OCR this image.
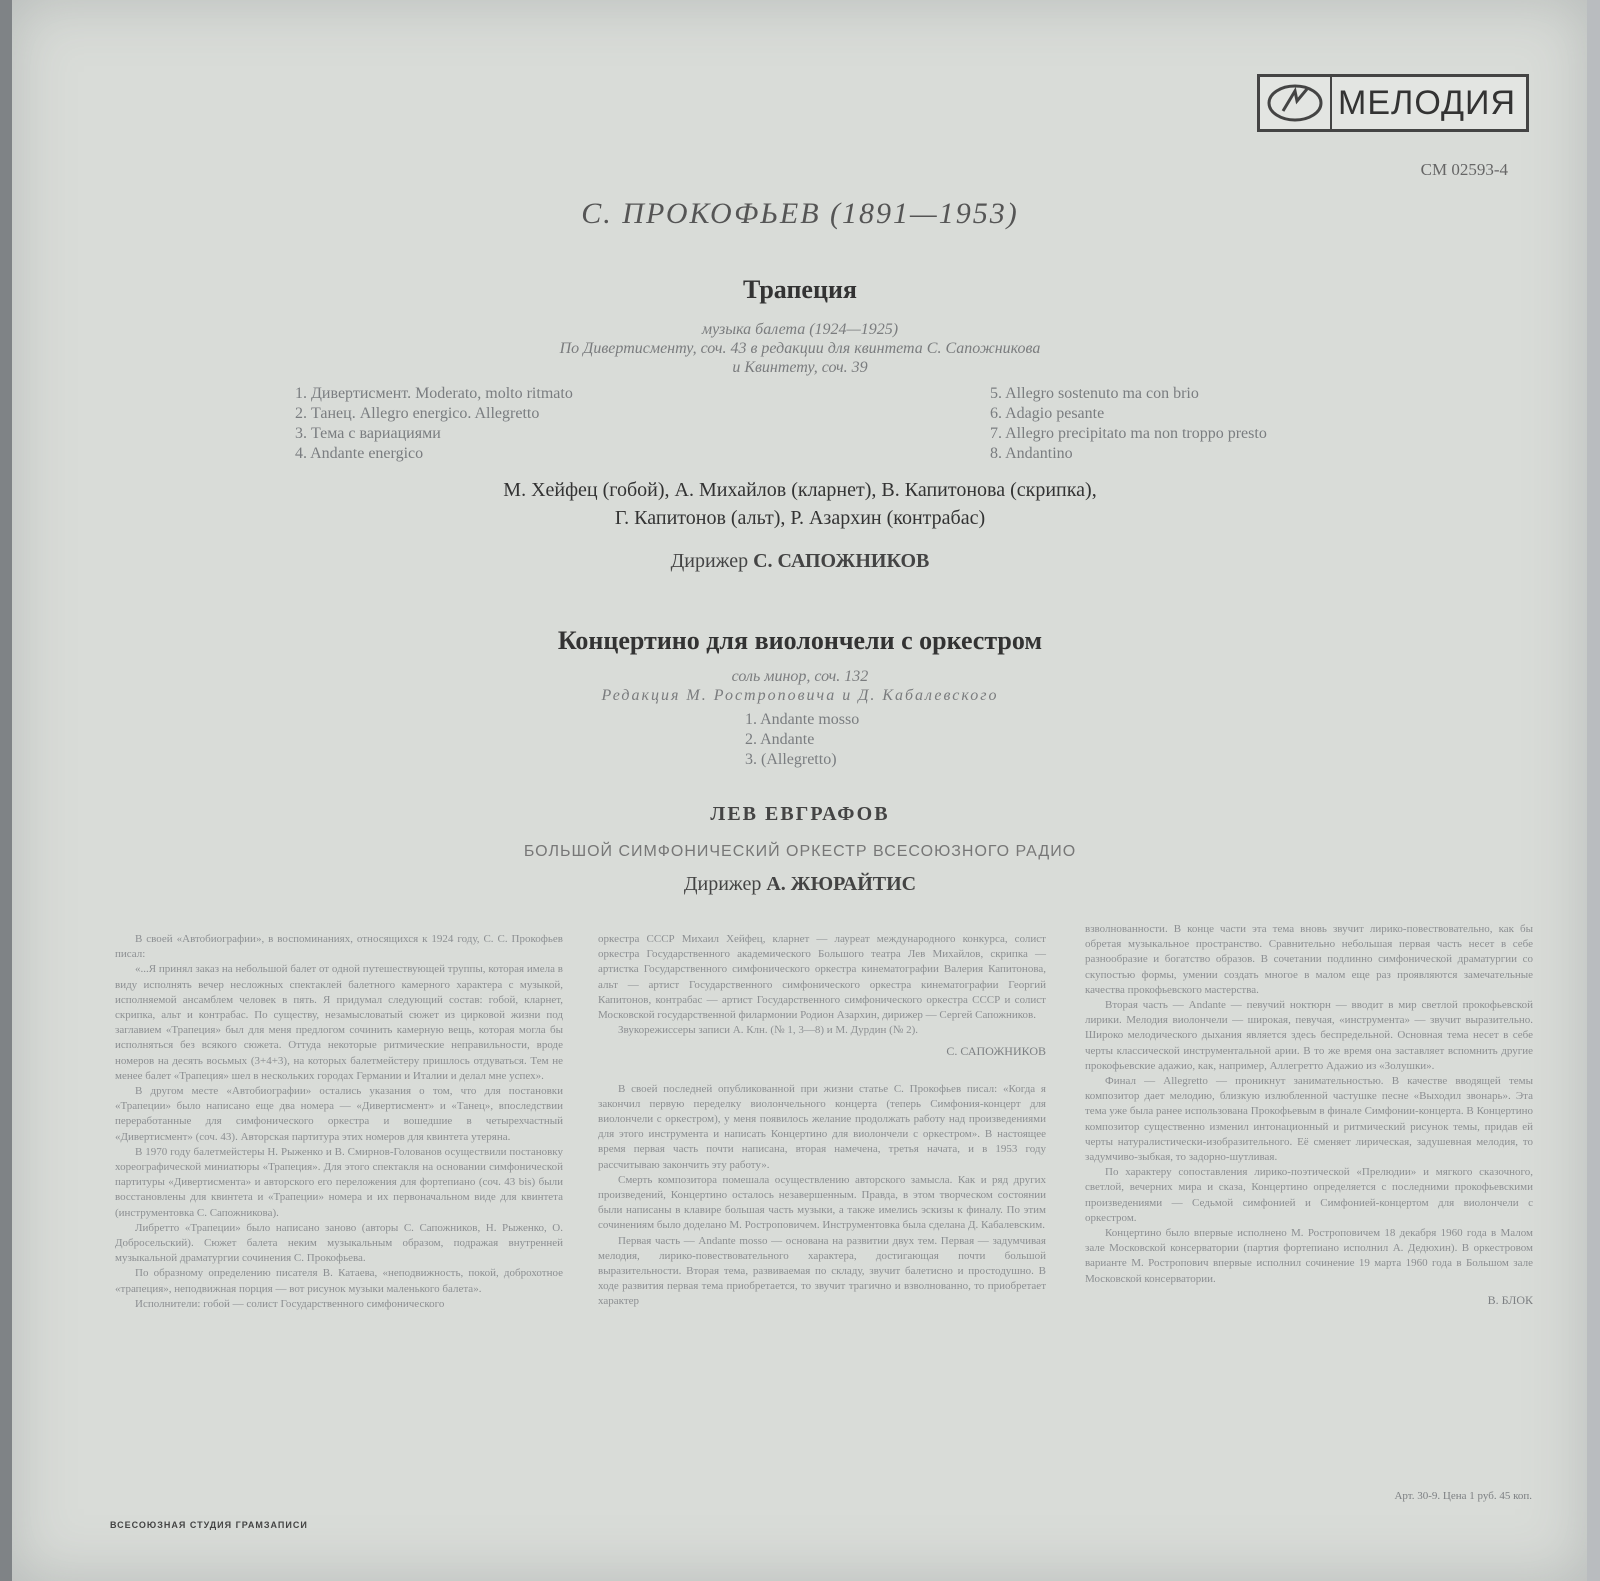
МЕЛОДИЯ
СМ 02593-4
С. ПРОКОФЬЕВ (1891—1953)
Трапеция
музыка балета (1924—1925)
По Дивертисменту, соч. 43 в редакции для квинтета С. Сапожникова
и Квинтету, соч. 39
1. Дивертисмент. Moderato, molto ritmato
2. Танец. Allegro energico. Allegretto
3. Тема с вариациями
4. Andante energico
5. Allegro sostenuto ma con brio
6. Adagio pesante
7. Allegro precipitato ma non troppo presto
8. Andantino
М. Хейфец (гобой), А. Михайлов (кларнет), В. Капитонова (скрипка),
Г. Капитонов (альт), Р. Азархин (контрабас)
Дирижер С. САПОЖНИКОВ
Концертино для виолончели с оркестром
соль минор, соч. 132
Редакция М. Ростроповича и Д. Кабалевского
1. Andante mosso
2. Andante
3. (Allegretto)
ЛЕВ ЕВГРАФОВ
БОЛЬШОЙ СИМФОНИЧЕСКИЙ ОРКЕСТР ВСЕСОЮЗНОГО РАДИО
Дирижер А. ЖЮРАЙТИС

В своей «Автобиографии», в воспоминаниях, относящихся к 1924 году, С. С. Прокофьев писал:

«...Я принял заказ на небольшой балет от одной путешествующей труппы, которая имела в виду исполнять вечер несложных спектаклей балетного камерного характера с музыкой, исполняемой ансамблем человек в пять. Я придумал следующий состав: гобой, кларнет, скрипка, альт и контрабас. По существу, незамысловатый сюжет из цирковой жизни под заглавием «Трапеция» был для меня предлогом сочинить камерную вещь, которая могла бы исполняться без всякого сюжета. Оттуда некоторые ритмические неправильности, вроде номеров на десять восьмых (3+4+3), на которых балетмейстеру пришлось отдуваться. Тем не менее балет «Трапеция» шел в нескольких городах Германии и Италии и делал мне успех».

В другом месте «Автобиографии» остались указания о том, что для постановки «Трапеции» было написано еще два номера — «Дивертисмент» и «Танец», впоследствии переработанные для симфонического оркестра и вошедшие в четырехчастный «Дивертисмент» (соч. 43). Авторская партитура этих номеров для квинтета утеряна.

В 1970 году балетмейстеры Н. Рыженко и В. Смирнов-Голованов осуществили постановку хореографической миниатюры «Трапеция». Для этого спектакля на основании симфонической партитуры «Дивертисмента» и авторского его переложения для фортепиано (соч. 43 bis) были восстановлены для квинтета и «Трапеции» номера и их первоначальном виде для квинтета (инструментовка С. Сапожникова).

Либретто «Трапеции» было написано заново (авторы С. Сапожников, Н. Рыженко, О. Добросельский). Сюжет балета неким музыкальным образом, подражая внутренней музыкальной драматургии сочинения С. Прокофьева.

По образному определению писателя В. Катаева, «неподвижность, покой, доброхотное «трапеция», неподвижная порция — вот рисунок музыки маленького балета».

Исполнители: гобой — солист Государственного симфонического

оркестра СССР Михаил Хейфец, кларнет — лауреат международного конкурса, солист оркестра Государственного академического Большого театра Лев Михайлов, скрипка — артистка Государственного симфонического оркестра кинематографии Валерия Капитонова, альт — артист Государственного симфонического оркестра кинематографии Георгий Капитонов, контрабас — артист Государственного симфонического оркестра СССР и солист Московской государственной филармонии Родион Азархин, дирижер — Сергей Сапожников.

Звукорежиссеры записи А. Клн. (№ 1, 3—8) и М. Дурдин (№ 2).

С. САПОЖНИКОВ

В своей последней опубликованной при жизни статье С. Прокофьев писал: «Когда я закончил первую переделку виолончельного концерта (теперь Симфония-концерт для виолончели с оркестром), у меня появилось желание продолжать работу над произведениями для этого инструмента и написать Концертино для виолончели с оркестром». В настоящее время первая часть почти написана, вторая намечена, третья начата, и в 1953 году рассчитываю закончить эту работу».

Смерть композитора помешала осуществлению авторского замысла. Как и ряд других произведений, Концертино осталось незавершенным. Правда, в этом творческом состоянии были написаны в клавире большая часть музыки, а также имелись эскизы к финалу. По этим сочинениям было доделано М. Ростроповичем. Инструментовка была сделана Д. Кабалевским.

Первая часть — Andante mosso — основана на развитии двух тем. Первая — задумчивая мелодия, лирико-повествовательного характера, достигающая почти большой выразительности. Вторая тема, развиваемая по складу, звучит балетисно и простодушно. В ходе развития первая тема приобретается, то звучит трагично и взволнованно, то приобретает характер

взволнованности. В конце части эта тема вновь звучит лирико-повествовательно, как бы обретая музыкальное пространство. Сравнительно небольшая первая часть несет в себе разнообразие и богатство образов. В сочетании подлинно симфонической драматургии со скупостью формы, умении создать многое в малом еще раз проявляются замечательные качества прокофьевского мастерства.

Вторая часть — Andante — певучий ноктюрн — вводит в мир светлой прокофьевской лирики. Мелодия виолончели — широкая, певучая, «инструмента» — звучит выразительно. Широко мелодического дыхания является здесь беспредельной. Основная тема несет в себе черты классической инструментальной арии. В то же время она заставляет вспомнить другие прокофьевские адажио, как, например, Аллегретто Адажио из «Золушки».

Финал — Allegretto — проникнут занимательностью. В качестве вводящей темы композитор дает мелодию, близкую излюбленной частушке песне «Выходил звонарь». Эта тема уже была ранее использована Прокофьевым в финале Симфонии-концерта. В Концертино композитор существенно изменил интонационный и ритмический рисунок темы, придав ей черты натуралистически-изобразительного. Её сменяет лирическая, задушевная мелодия, то задумчиво-зыбкая, то задорно-шутливая.

По характеру сопоставления лирико-поэтической «Прелюдии» и мягкого сказочного, светлой, вечерних мира и сказа, Концертино определяется с последними прокофьевскими произведениями — Седьмой симфонией и Симфонией-концертом для виолончели с оркестром.

Концертино было впервые исполнено М. Ростроповичем 18 декабря 1960 года в Малом зале Московской консерватории (партия фортепиано исполнил А. Дедюхин). В оркестровом варианте М. Ростропович впервые исполнил сочинение 19 марта 1960 года в Большом зале Московской консерватории.

В. БЛОК
Арт. 30-9. Цена 1 руб. 45 коп.
ВСЕСОЮЗНАЯ СТУДИЯ ГРАМЗАПИСИ
